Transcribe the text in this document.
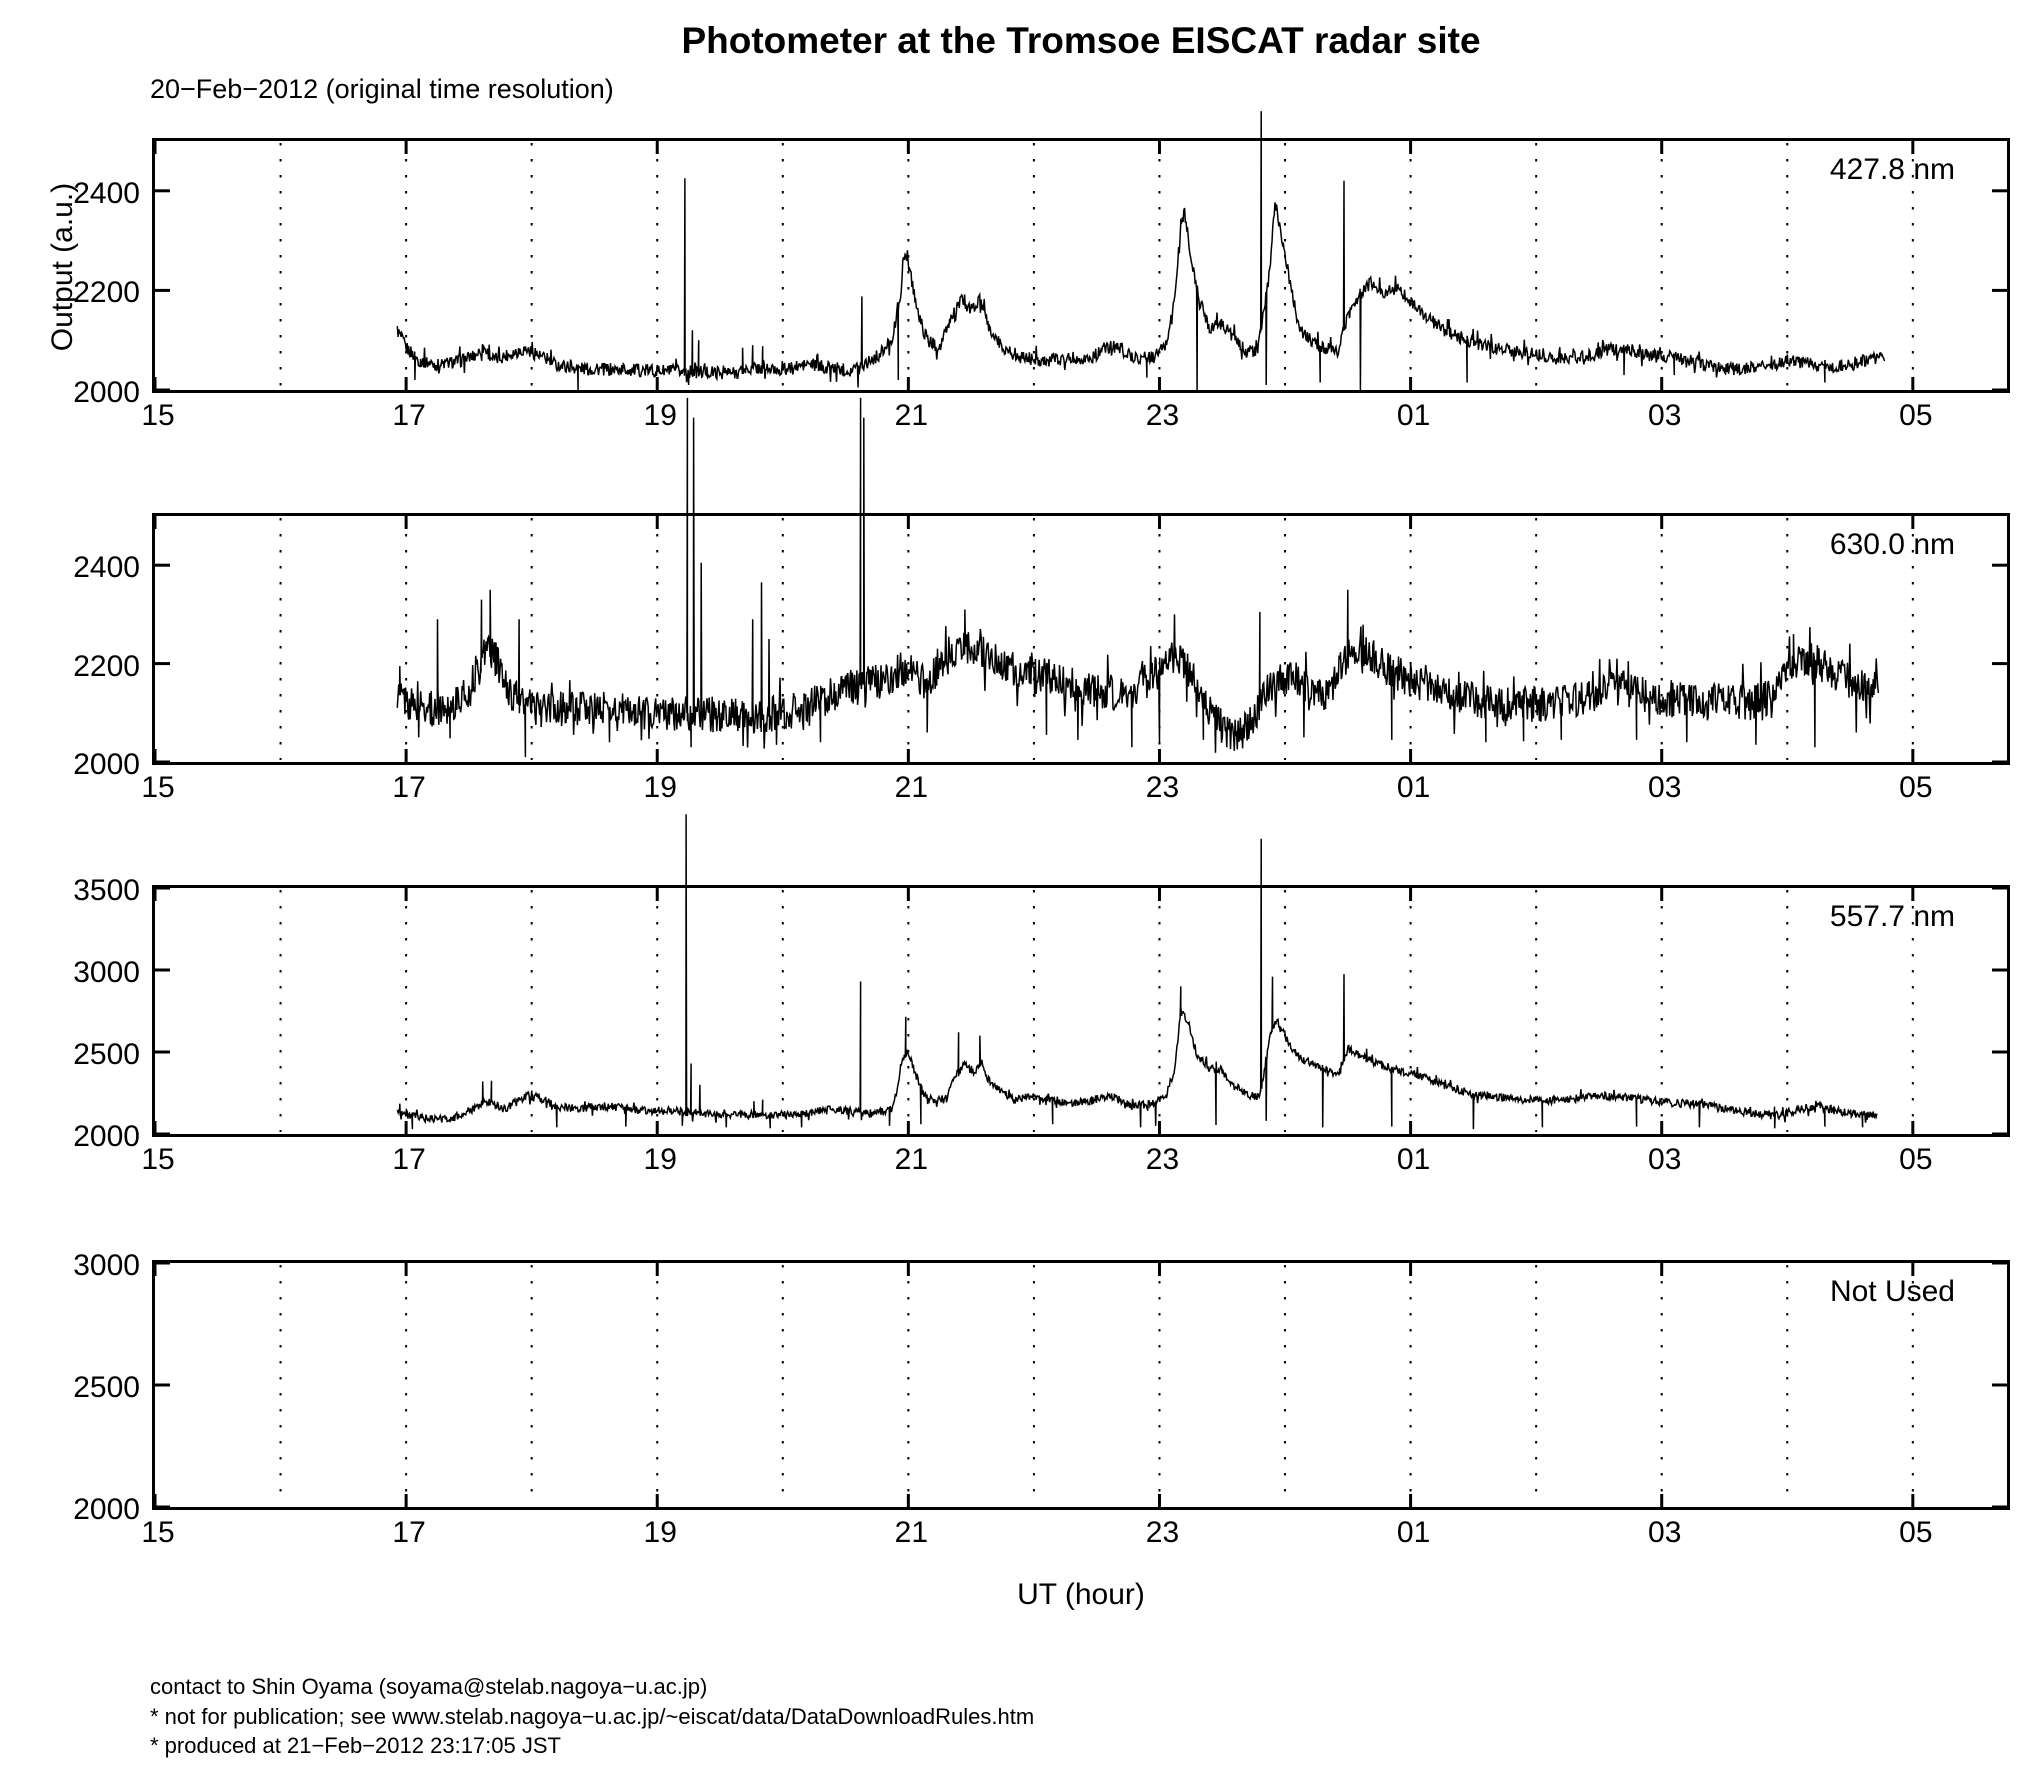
Photometer at the Tromsoe EISCAT radar site
20−Feb−2012 (original time resolution)
Output (a.u.)
427.8 nm
2000
2200
2400
15	17	19	21	23	01	03	05
630.0 nm
2000
2200
2400
15	17	19	21	23	01	03	05
557.7 nm
2000
2500
3000
3500
15	17	19	21	23	01	03	05
Not Used
2000
2500
3000
15	17	19	21	23	01	03	05
UT (hour)
contact to Shin Oyama (soyama@stelab.nagoya−u.ac.jp)
* not for publication; see www.stelab.nagoya−u.ac.jp/~eiscat/data/DataDownloadRules.htm
* produced at 21−Feb−2012 23:17:05 JST
